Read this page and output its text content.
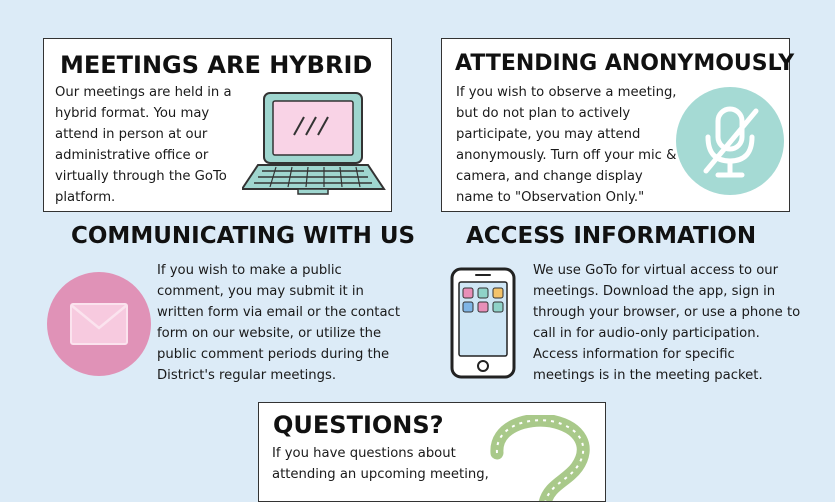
MEETINGS ARE HYBRID
Our meetings are held in a
hybrid format. You may
attend in person at our
administrative office or
virtually through the GoTo
platform.
ATTENDING ANONYMOUSLY
If you wish to observe a meeting,
but do not plan to actively
participate, you may attend
anonymously. Turn off your mic &
camera, and change display
name to "Observation Only."
COMMUNICATING WITH US
If you wish to make a public
comment, you may submit it in
written form via email or the contact
form on our website, or utilize the
public comment periods during the
District's regular meetings.
ACCESS INFORMATION
We use GoTo for virtual access to our
meetings. Download the app, sign in
through your browser, or use a phone to
call in for audio-only participation.
Access information for specific
meetings is in the meeting packet.
QUESTIONS?
If you have questions about
attending an upcoming meeting,
